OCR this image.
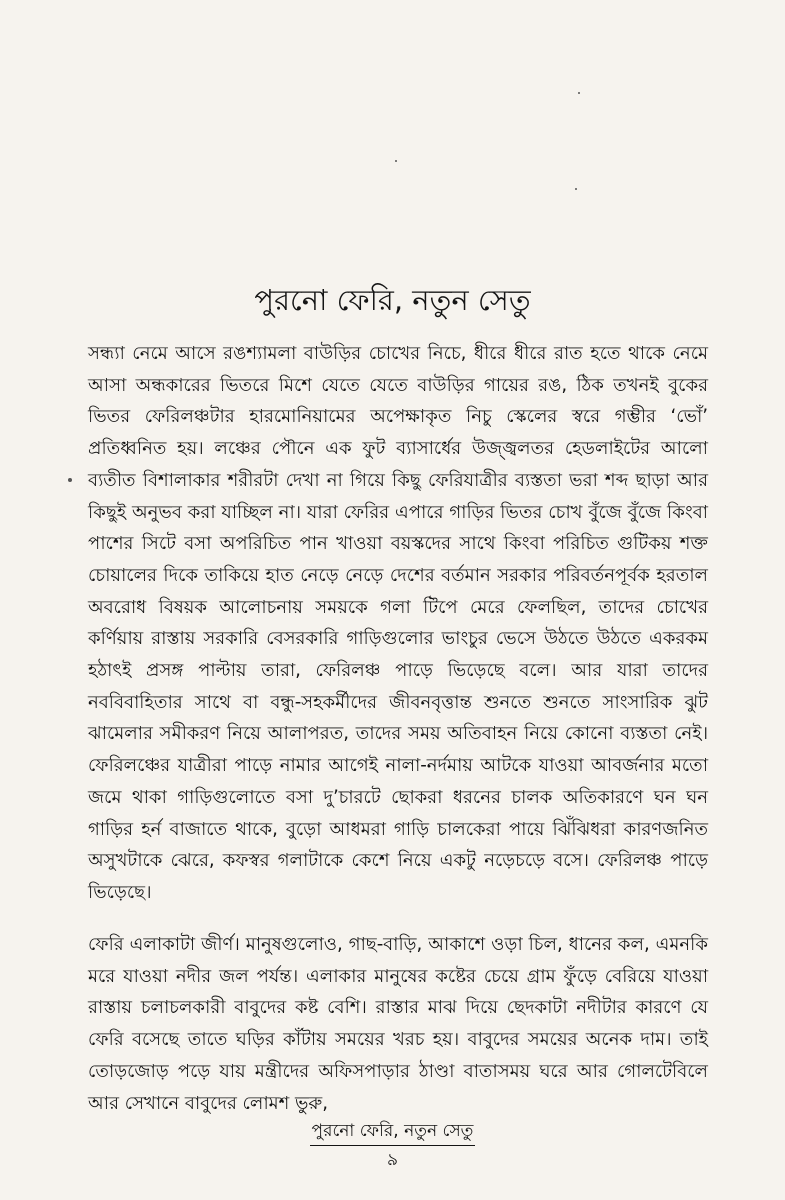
পুরনো ফেরি, নতুন সেতু

সন্ধ্যা নেমে আসে রঙশ্যামলা বাউড়ির চোখের নিচে, ধীরে ধীরে রাত হতে থাকে নেমে আসা অন্ধকারের ভিতরে মিশে যেতে যেতে বাউড়ির গায়ের রঙ, ঠিক তখনই বুকের ভিতর ফেরিলঞ্চটার হারমোনিয়ামের অপেক্ষাকৃত নিচু স্কেলের স্বরে গম্ভীর ‘ভোঁ’ প্রতিধ্বনিত হয়। লঞ্চের পৌনে এক ফুট ব্যাসার্ধের উজ্জ্বলতর হেডলাইটের আলো ব্যতীত বিশালাকার শরীরটা দেখা না গিয়ে কিছু ফেরিযাত্রীর ব্যস্ততা ভরা শব্দ ছাড়া আর কিছুই অনুভব করা যাচ্ছিল না। যারা ফেরির এপারে গাড়ির ভিতর চোখ বুঁজে বুঁজে কিংবা পাশের সিটে বসা অপরিচিত পান খাওয়া বয়স্কদের সাথে কিংবা পরিচিত গুটিকয় শক্ত চোয়ালের দিকে তাকিয়ে হাত নেড়ে নেড়ে দেশের বর্তমান সরকার পরিবর্তনপূর্বক হরতাল অবরোধ বিষয়ক আলোচনায় সময়কে গলা টিপে মেরে ফেলছিল, তাদের চোখের কর্ণিয়ায় রাস্তায় সরকারি বেসরকারি গাড়িগুলোর ভাংচুর ভেসে উঠতে উঠতে একরকম হঠাৎই প্রসঙ্গ পাল্টায় তারা, ফেরিলঞ্চ পাড়ে ভিড়েছে বলে। আর যারা তাদের নববিবাহিতার সাথে বা বন্ধু-সহকর্মীদের জীবনবৃত্তান্ত শুনতে শুনতে সাংসারিক ঝুট ঝামেলার সমীকরণ নিয়ে আলাপরত, তাদের সময় অতিবাহন নিয়ে কোনো ব্যস্ততা নেই। ফেরিলঞ্চের যাত্রীরা পাড়ে নামার আগেই নালা-নর্দমায় আটকে যাওয়া আবর্জনার মতো জমে থাকা গাড়িগুলোতে বসা দু’চারটে ছোকরা ধরনের চালক অতিকারণে ঘন ঘন গাড়ির হর্ন বাজাতে থাকে, বুড়ো আধমরা গাড়ি চালকেরা পায়ে ঝিঁঝিধরা কারণজনিত অসুখটাকে ঝেরে, কফস্বর গলাটাকে কেশে নিয়ে একটু নড়েচড়ে বসে। ফেরিলঞ্চ পাড়ে ভিড়েছে।

ফেরি এলাকাটা জীর্ণ। মানুষগুলোও, গাছ-বাড়ি, আকাশে ওড়া চিল, ধানের কল, এমনকি মরে যাওয়া নদীর জল পর্যন্ত। এলাকার মানুষের কষ্টের চেয়ে গ্রাম ফুঁড়ে বেরিয়ে যাওয়া রাস্তায় চলাচলকারী বাবুদের কষ্ট বেশি। রাস্তার মাঝ দিয়ে ছেদকাটা নদীটার কারণে যে ফেরি বসেছে তাতে ঘড়ির কাঁটায় সময়ের খরচ হয়। বাবুদের সময়ের অনেক দাম। তাই তোড়জোড় পড়ে যায় মন্ত্রীদের অফিসপাড়ার ঠাণ্ডা বাতাসময় ঘরে আর গোলটেবিলে আর সেখানে বাবুদের লোমশ ভুরু,

পুরনো ফেরি, নতুন সেতু
৯
